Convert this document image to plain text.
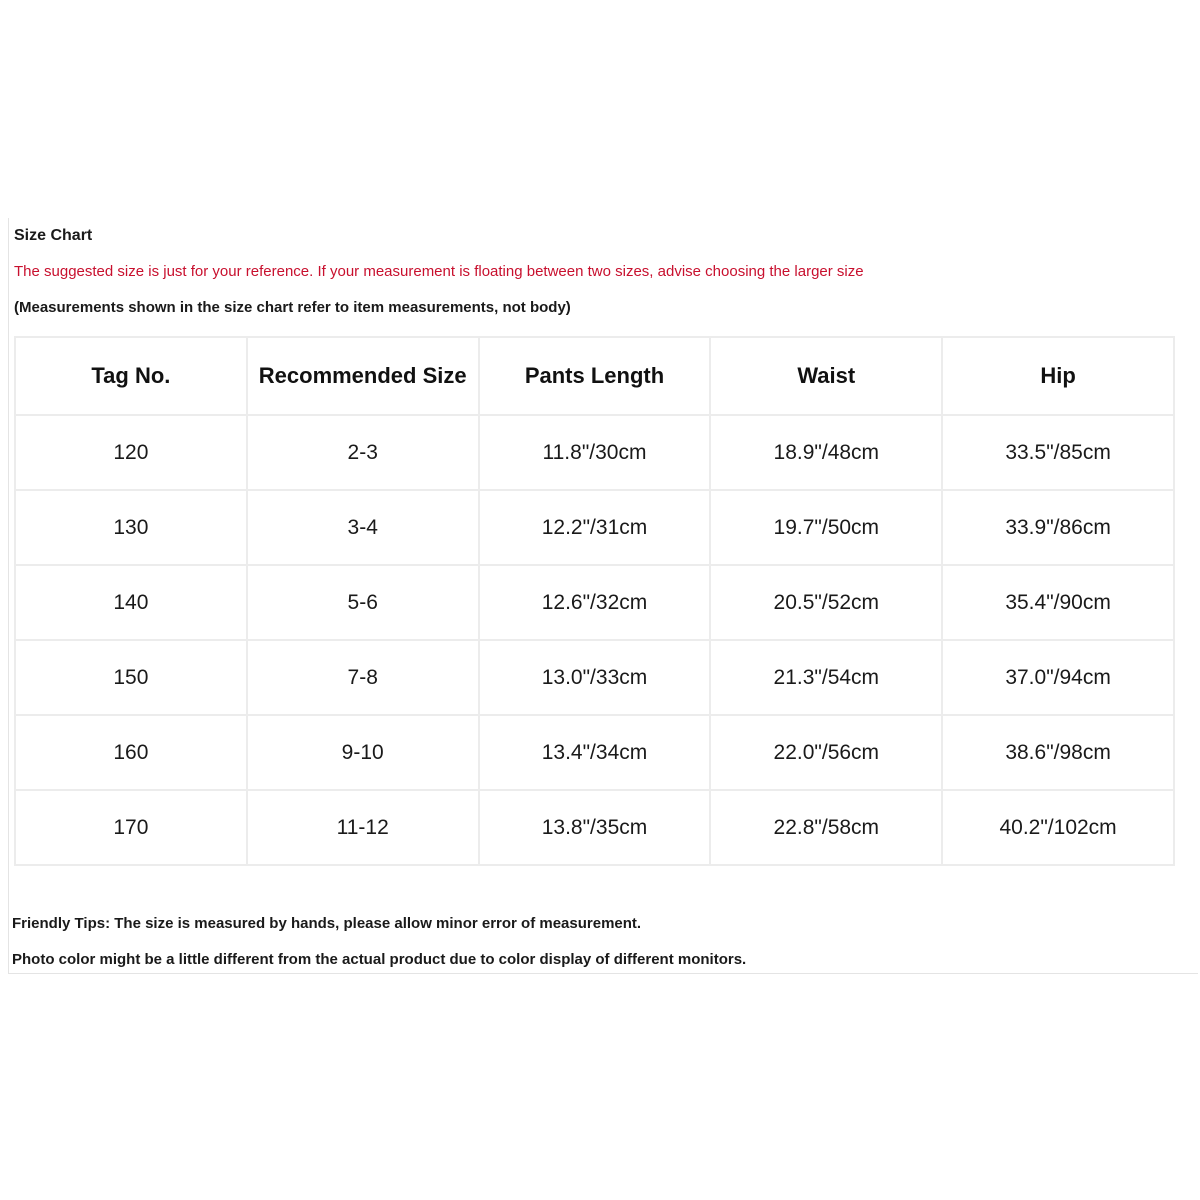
Size Chart
The suggested size is just for your reference. If your measurement is floating between two sizes, advise choosing the larger size
(Measurements shown in the size chart refer to item measurements, not body)
Tag No.	Recommended Size	Pants Length	Waist	Hip
120	2-3	11.8"/30cm	18.9"/48cm	33.5"/85cm
130	3-4	12.2"/31cm	19.7"/50cm	33.9"/86cm
140	5-6	12.6"/32cm	20.5"/52cm	35.4"/90cm
150	7-8	13.0"/33cm	21.3"/54cm	37.0"/94cm
160	9-10	13.4"/34cm	22.0"/56cm	38.6"/98cm
170	11-12	13.8"/35cm	22.8"/58cm	40.2"/102cm
Friendly Tips: The size is measured by hands, please allow minor error of measurement.
Photo color might be a little different from the actual product due to color display of different monitors.
